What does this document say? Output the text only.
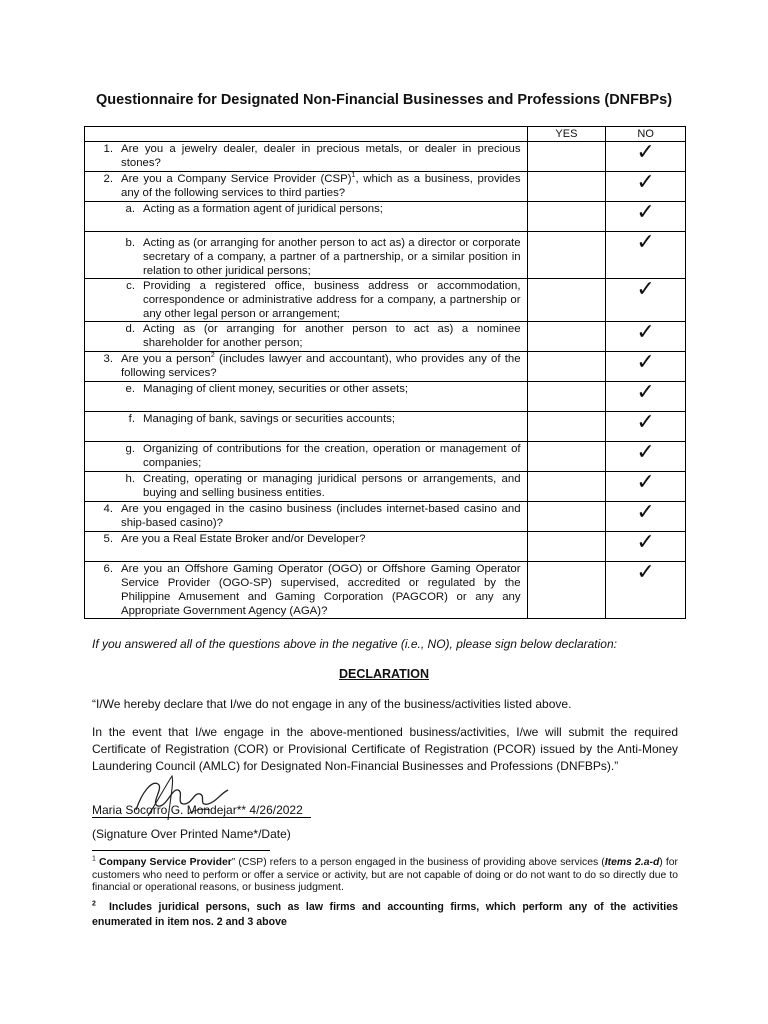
Questionnaire for Designated Non-Financial Businesses and Professions (DNFBPs)
	YES	NO

1. Are you a jewelry dealer, dealer in precious metals, or dealer in precious stones?		✓

2. Are you a Company Service Provider (CSP)$^1$, which as a business, provides any of the following services to third parties?		✓

a. Acting as a formation agent of juridical persons;		✓

b. Acting as (or arranging for another person to act as) a director or corporate secretary of a company, a partner of a partnership, or a similar position in relation to other juridical persons;		✓

c. Providing a registered office, business address or accommodation, correspondence or administrative address for a company, a partnership or any other legal person or arrangement;		✓

d. Acting as (or arranging for another person to act as) a nominee shareholder for another person;		✓

3. Are you a person$^2$ (includes lawyer and accountant), who provides any of the following services?		✓

e. Managing of client money, securities or other assets;		✓

f. Managing of bank, savings or securities accounts;		✓

g. Organizing of contributions for the creation, operation or management of companies;		✓

h. Creating, operating or managing juridical persons or arrangements, and buying and selling business entities.		✓

4. Are you engaged in the casino business (includes internet-based casino and ship-based casino)?		✓

5. Are you a Real Estate Broker and/or Developer?		✓

6. Are you an Offshore Gaming Operator (OGO) or Offshore Gaming Operator Service Provider (OGO-SP) supervised, accredited or regulated by the Philippine Amusement and Gaming Corporation (PAGCOR) or any any Appropriate Government Agency (AGA)?		✓
If you answered all of the questions above in the negative (i.e., NO), please sign below declaration:
DECLARATION
“I/We hereby declare that I/we do not engage in any of the business/activities listed above.
In the event that I/we engage in the above-mentioned business/activities, I/we will submit the required Certificate of Registration (COR) or Provisional Certificate of Registration (PCOR) issued by the Anti-Money Laundering Council (AMLC) for Designated Non-Financial Businesses and Professions (DNFBPs).”
Maria Socorro G. Mondejar** 4/26/2022
(Signature Over Printed Name*/Date)
$^1$ Company Service Provider” (CSP) refers to a person engaged in the business of providing above services (Items 2.a-d) for customers who need to perform or offer a service or activity, but are not capable of doing or do not want to do so directly due to financial or operational reasons, or business judgment.
$^2$ Includes juridical persons, such as law firms and accounting firms, which perform any of the activities enumerated in item nos. 2 and 3 above
